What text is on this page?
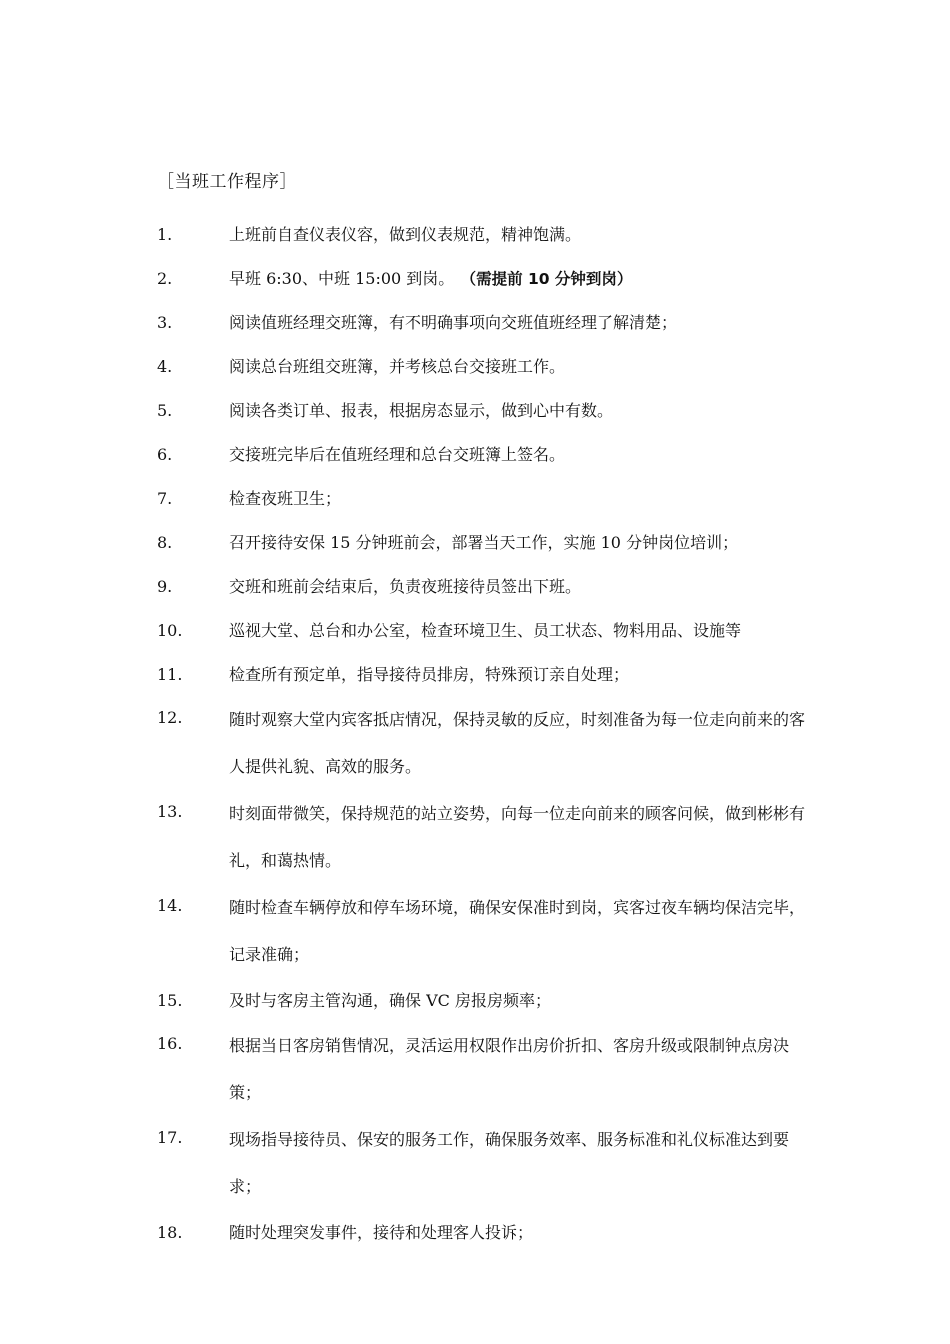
［当班工作程序］
1.	上班前自查仪表仪容，做到仪表规范，精神饱满。
2.	早班 6:30、中班 15:00 到岗。 （需提前 10 分钟到岗）
3.	阅读值班经理交班簿，有不明确事项向交班值班经理了解清楚；
4.	阅读总台班组交班簿，并考核总台交接班工作。
5.	阅读各类订单、报表，根据房态显示，做到心中有数。
6.	交接班完毕后在值班经理和总台交班簿上签名。
7.	检查夜班卫生；
8.	召开接待安保 15 分钟班前会，部署当天工作，实施 10 分钟岗位培训；
9.	交班和班前会结束后，负责夜班接待员签出下班。
10.	巡视大堂、总台和办公室，检查环境卫生、员工状态、物料用品、设施等
11.	检查所有预定单，指导接待员排房，特殊预订亲自处理；
12.	随时观察大堂内宾客抵店情况，保持灵敏的反应，时刻准备为每一位走向前来的客人提供礼貌、高效的服务。
13.	时刻面带微笑，保持规范的站立姿势，向每一位走向前来的顾客问候，做到彬彬有礼，和蔼热情。
14.	随时检查车辆停放和停车场环境，确保安保准时到岗，宾客过夜车辆均保洁完毕，记录准确；
15.	及时与客房主管沟通，确保 VC 房报房频率；
16.	根据当日客房销售情况，灵活运用权限作出房价折扣、客房升级或限制钟点房决策；
17.	现场指导接待员、保安的服务工作，确保服务效率、服务标准和礼仪标准达到要求；
18.	随时处理突发事件，接待和处理客人投诉；
